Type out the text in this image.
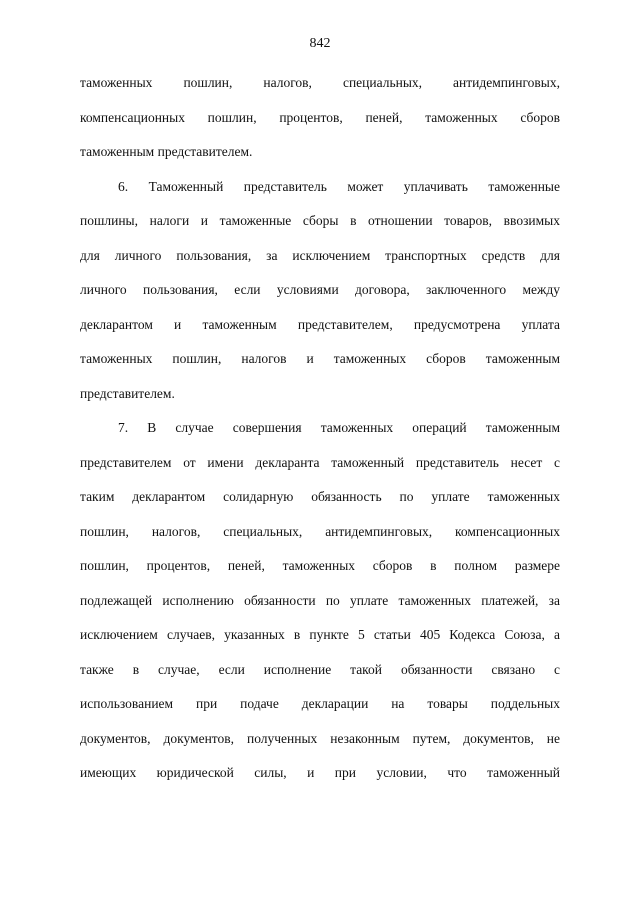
842
таможенных пошлин, налогов, специальных, антидемпинговых,
компенсационных пошлин, процентов, пеней, таможенных сборов
таможенным представителем.
6. Таможенный представитель может уплачивать таможенные
пошлины, налоги и таможенные сборы в отношении товаров, ввозимых
для личного пользования, за исключением транспортных средств для
личного пользования, если условиями договора, заключенного между
декларантом и таможенным представителем, предусмотрена уплата
таможенных пошлин, налогов и таможенных сборов таможенным
представителем.
7. В случае совершения таможенных операций таможенным
представителем от имени декларанта таможенный представитель несет с
таким декларантом солидарную обязанность по уплате таможенных
пошлин, налогов, специальных, антидемпинговых, компенсационных
пошлин, процентов, пеней, таможенных сборов в полном размере
подлежащей исполнению обязанности по уплате таможенных платежей, за
исключением случаев, указанных в пункте 5 статьи 405 Кодекса Союза, а
также в случае, если исполнение такой обязанности связано с
использованием при подаче декларации на товары поддельных
документов, документов, полученных незаконным путем, документов, не
имеющих юридической силы, и при условии, что таможенный
